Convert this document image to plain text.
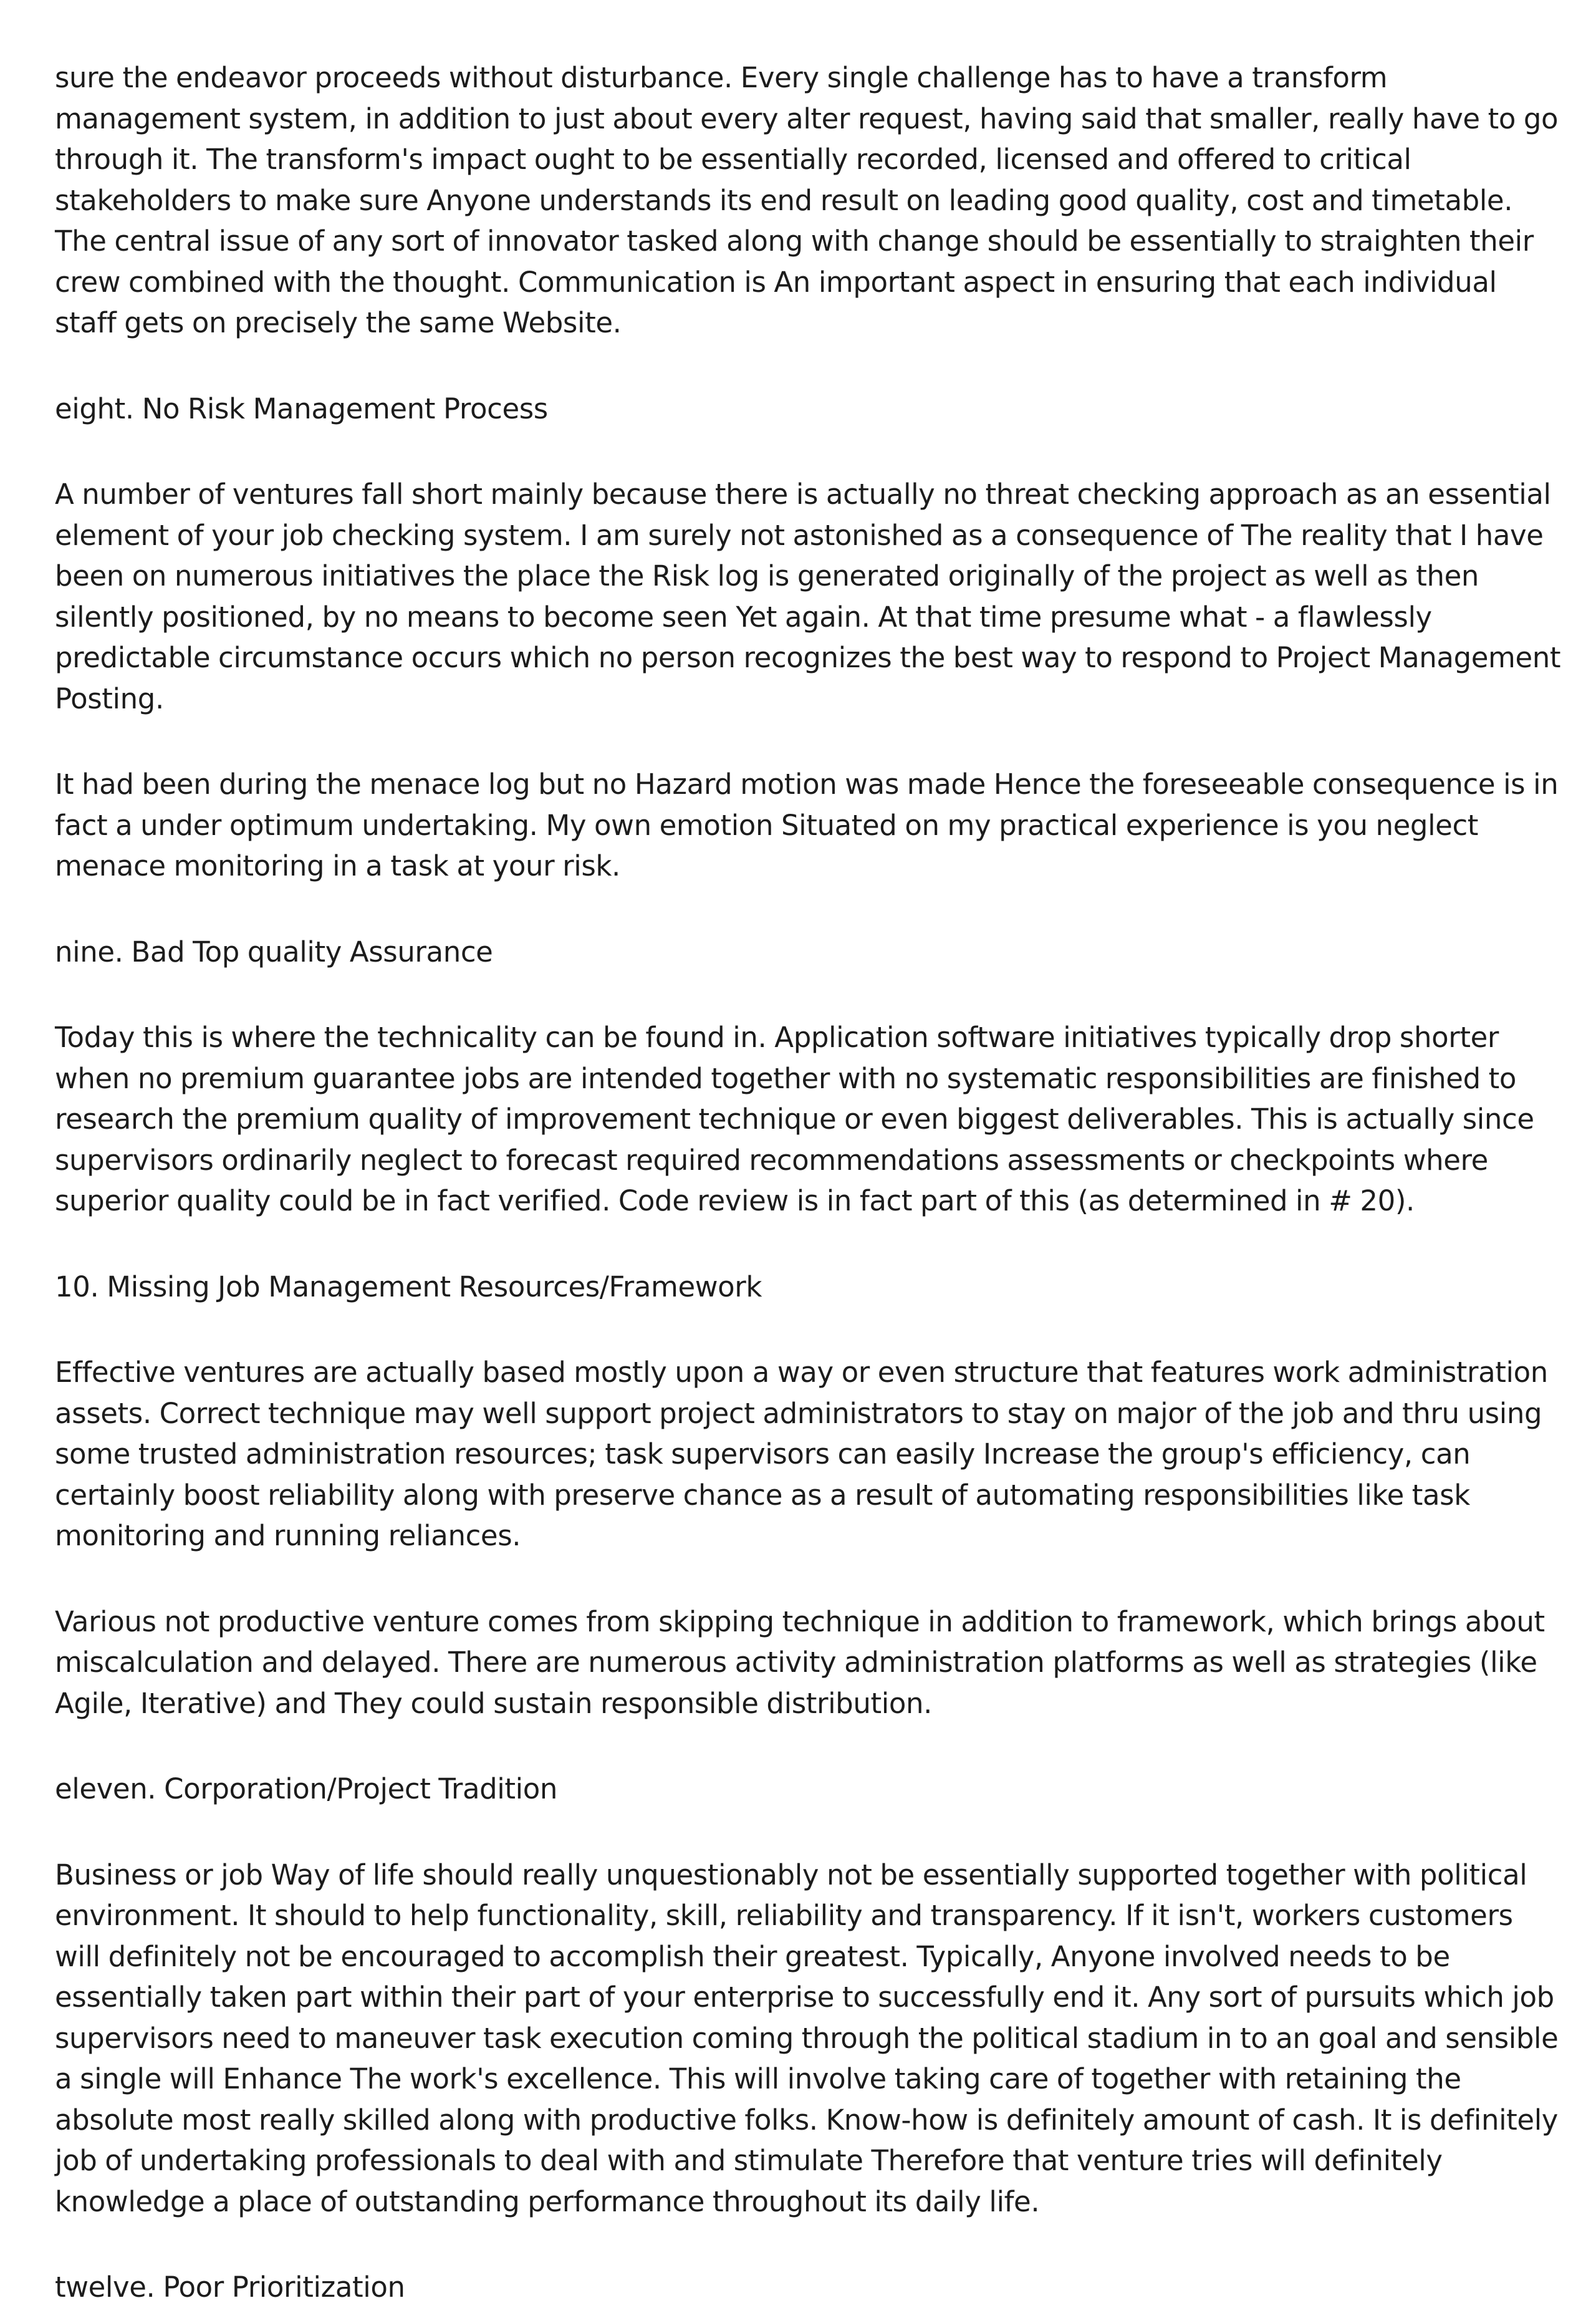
sure the endeavor proceeds without disturbance. Every single challenge has to have a transform management system, in addition to just about every alter request, having said that smaller, really have to go through it. The transform's impact ought to be essentially recorded, licensed and offered to critical stakeholders to make sure Anyone understands its end result on leading good quality, cost and timetable. The central issue of any sort of innovator tasked along with change should be essentially to straighten their crew combined with the thought. Communication is An important aspect in ensuring that each individual staff gets on precisely the same Website.

eight. No Risk Management Process

A number of ventures fall short mainly because there is actually no threat checking approach as an essential element of your job checking system. I am surely not astonished as a consequence of The reality that I have been on numerous initiatives the place the Risk log is generated originally of the project as well as then silently positioned, by no means to become seen Yet again. At that time presume what - a flawlessly predictable circumstance occurs which no person recognizes the best way to respond to Project Management Posting.

It had been during the menace log but no Hazard motion was made Hence the foreseeable consequence is in fact a under optimum undertaking. My own emotion Situated on my practical experience is you neglect menace monitoring in a task at your risk.

nine. Bad Top quality Assurance

Today this is where the technicality can be found in. Application software initiatives typically drop shorter when no premium guarantee jobs are intended together with no systematic responsibilities are finished to research the premium quality of improvement technique or even biggest deliverables. This is actually since supervisors ordinarily neglect to forecast required recommendations assessments or checkpoints where superior quality could be in fact verified. Code review is in fact part of this (as determined in # 20).

10. Missing Job Management Resources/Framework

Effective ventures are actually based mostly upon a way or even structure that features work administration assets. Correct technique may well support project administrators to stay on major of the job and thru using some trusted administration resources; task supervisors can easily Increase the group's efficiency, can certainly boost reliability along with preserve chance as a result of automating responsibilities like task monitoring and running reliances.

Various not productive venture comes from skipping technique in addition to framework, which brings about miscalculation and delayed. There are numerous activity administration platforms as well as strategies (like Agile, Iterative) and They could sustain responsible distribution.

eleven. Corporation/Project Tradition

Business or job Way of life should really unquestionably not be essentially supported together with political environment. It should to help functionality, skill, reliability and transparency. If it isn't, workers customers will definitely not be encouraged to accomplish their greatest. Typically, Anyone involved needs to be essentially taken part within their part of your enterprise to successfully end it. Any sort of pursuits which job supervisors need to maneuver task execution coming through the political stadium in to an goal and sensible a single will Enhance The work's excellence. This will involve taking care of together with retaining the absolute most really skilled along with productive folks. Know-how is definitely amount of cash. It is definitely job of undertaking professionals to deal with and stimulate Therefore that venture tries will definitely knowledge a place of outstanding performance throughout its daily life.

twelve. Poor Prioritization
